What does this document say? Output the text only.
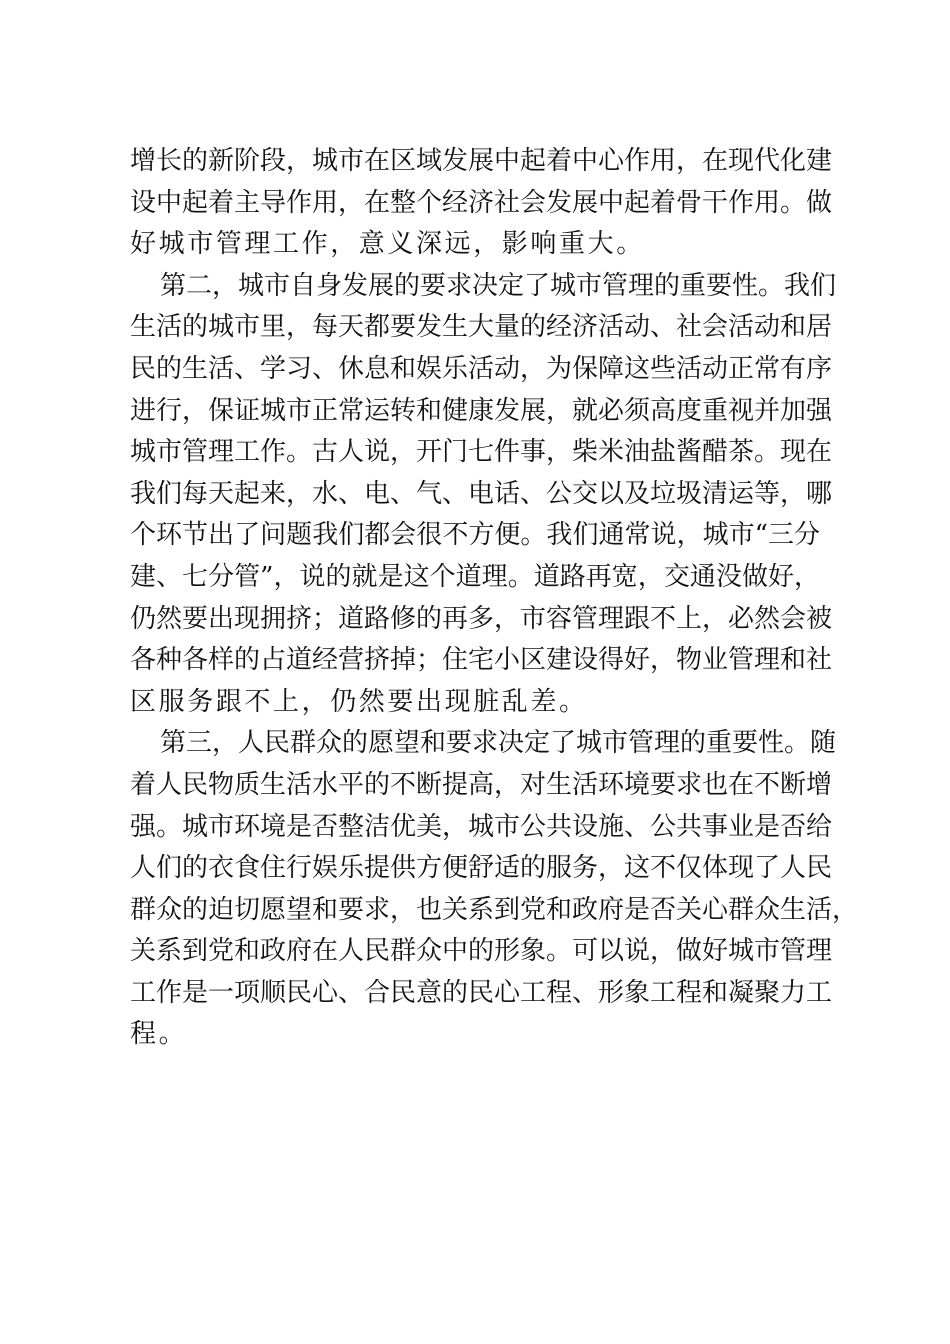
增长的新阶段，城市在区域发展中起着中心作用，在现代化建
设中起着主导作用，在整个经济社会发展中起着骨干作用。做
好城市管理工作，意义深远，影响重大。
第二，城市自身发展的要求决定了城市管理的重要性。我们
生活的城市里，每天都要发生大量的经济活动、社会活动和居
民的生活、学习、休息和娱乐活动，为保障这些活动正常有序
进行，保证城市正常运转和健康发展，就必须高度重视并加强
城市管理工作。古人说，开门七件事，柴米油盐酱醋茶。现在
我们每天起来，水、电、气、电话、公交以及垃圾清运等，哪
个环节出了问题我们都会很不方便。我们通常说，城市“三分
建、七分管”，说的就是这个道理。道路再宽，交通没做好，
仍然要出现拥挤；道路修的再多，市容管理跟不上，必然会被
各种各样的占道经营挤掉；住宅小区建设得好，物业管理和社
区服务跟不上，仍然要出现脏乱差。
第三，人民群众的愿望和要求决定了城市管理的重要性。随
着人民物质生活水平的不断提高，对生活环境要求也在不断增
强。城市环境是否整洁优美，城市公共设施、公共事业是否给
人们的衣食住行娱乐提供方便舒适的服务，这不仅体现了人民
群众的迫切愿望和要求，也关系到党和政府是否关心群众生活，
关系到党和政府在人民群众中的形象。可以说，做好城市管理
工作是一项顺民心、合民意的民心工程、形象工程和凝聚力工
程。
